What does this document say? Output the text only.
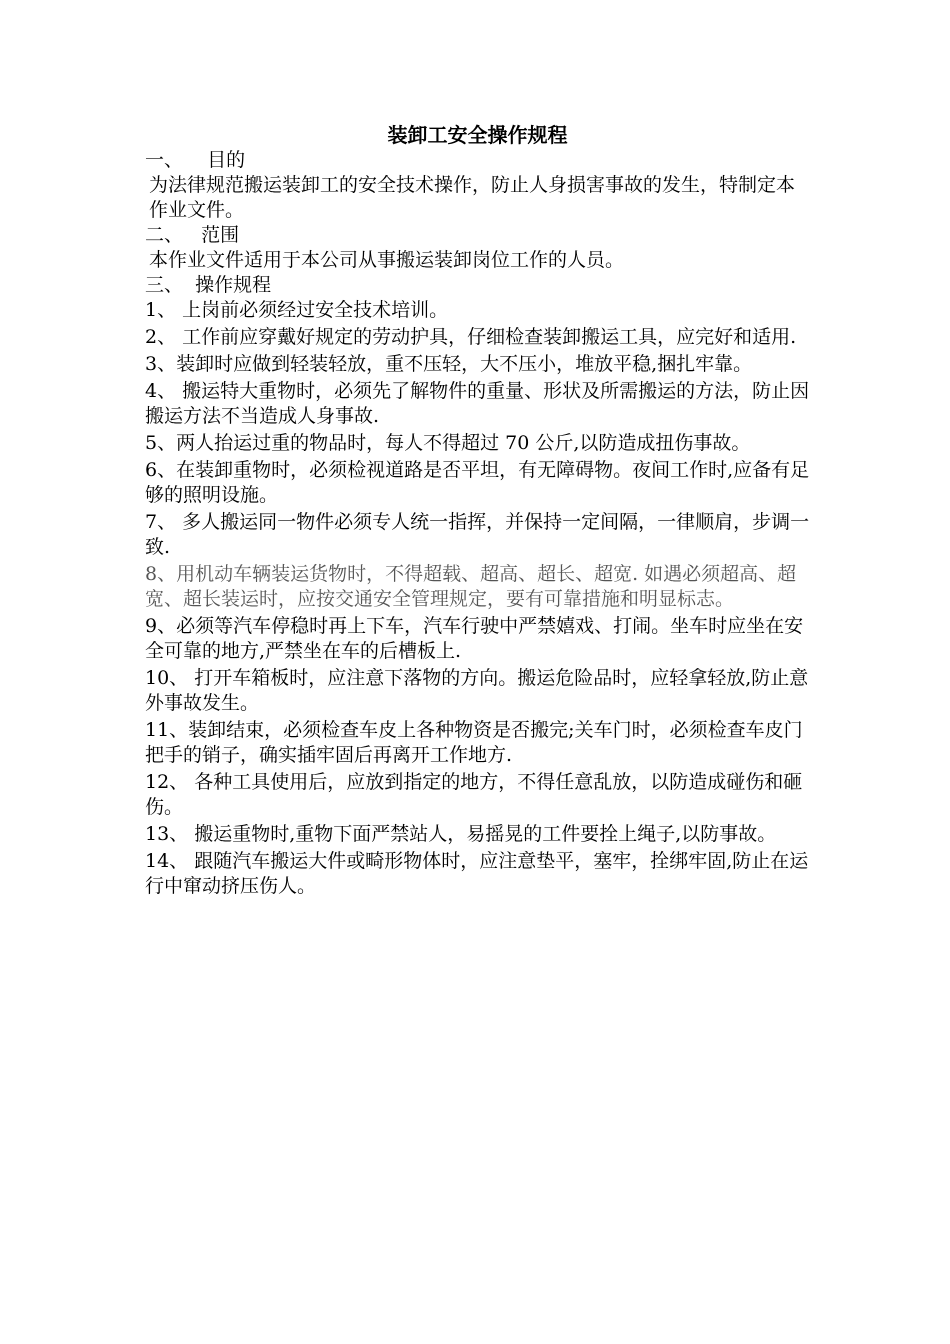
装卸工安全操作规程

一、    目的

为法律规范搬运装卸工的安全技术操作，防止人身损害事故的发生，特制定本作业文件。

二、   范围

本作业文件适用于本公司从事搬运装卸岗位工作的人员。

三、  操作规程

1、 上岗前必须经过安全技术培训。
2、 工作前应穿戴好规定的劳动护具，仔细检查装卸搬运工具，应完好和适用.
3、装卸时应做到轻装轻放，重不压轻，大不压小，堆放平稳,捆扎牢靠。
4、 搬运特大重物时，必须先了解物件的重量、形状及所需搬运的方法，防止因搬运方法不当造成人身事故.
5、两人抬运过重的物品时，每人不得超过 70 公斤,以防造成扭伤事故。
6、在装卸重物时，必须检视道路是否平坦，有无障碍物。夜间工作时,应备有足够的照明设施。
7、 多人搬运同一物件必须专人统一指挥，并保持一定间隔，一律顺肩，步调一致.
8、用机动车辆装运货物时，不得超载、超高、超长、超宽. 如遇必须超高、超宽、超长装运时，应按交通安全管理规定，要有可靠措施和明显标志。
9、必须等汽车停稳时再上下车，汽车行驶中严禁嬉戏、打闹。坐车时应坐在安全可靠的地方,严禁坐在车的后槽板上.
10、 打开车箱板时，应注意下落物的方向。搬运危险品时，应轻拿轻放,防止意外事故发生。
11、装卸结束，必须检查车皮上各种物资是否搬完;关车门时，必须检查车皮门把手的销子，确实插牢固后再离开工作地方.
12、 各种工具使用后，应放到指定的地方，不得任意乱放，以防造成碰伤和砸伤。
13、 搬运重物时,重物下面严禁站人，易摇晃的工件要拴上绳子,以防事故。
14、 跟随汽车搬运大件或畸形物体时，应注意垫平，塞牢，拴绑牢固,防止在运行中窜动挤压伤人。
